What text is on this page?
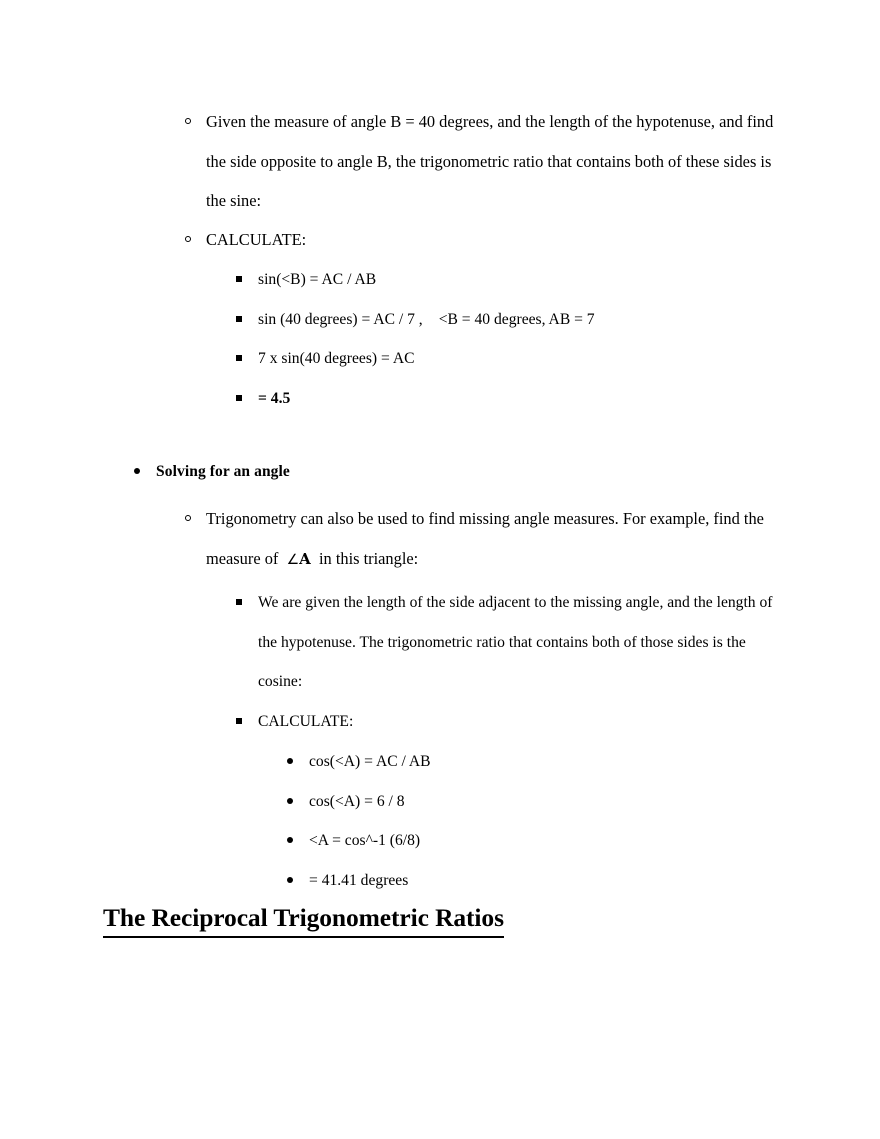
Given the measure of angle B = 40 degrees, and the length of the hypotenuse, and find the side opposite to angle B, the trigonometric ratio that contains both of these sides is the sine:
CALCULATE:
sin(<B) = AC / AB
sin (40 degrees) = AC / 7 , <B = 40 degrees, AB = 7
7 x sin(40 degrees) = AC
= 4.5
Solving for an angle
Trigonometry can also be used to find missing angle measures. For example, find the measure of ∠A in this triangle:
We are given the length of the side adjacent to the missing angle, and the length of the hypotenuse. The trigonometric ratio that contains both of those sides is the cosine:
CALCULATE:
cos(<A) = AC / AB
cos(<A) = 6 / 8
<A = cos^-1 (6/8)
= 41.41 degrees
The Reciprocal Trigonometric Ratios
